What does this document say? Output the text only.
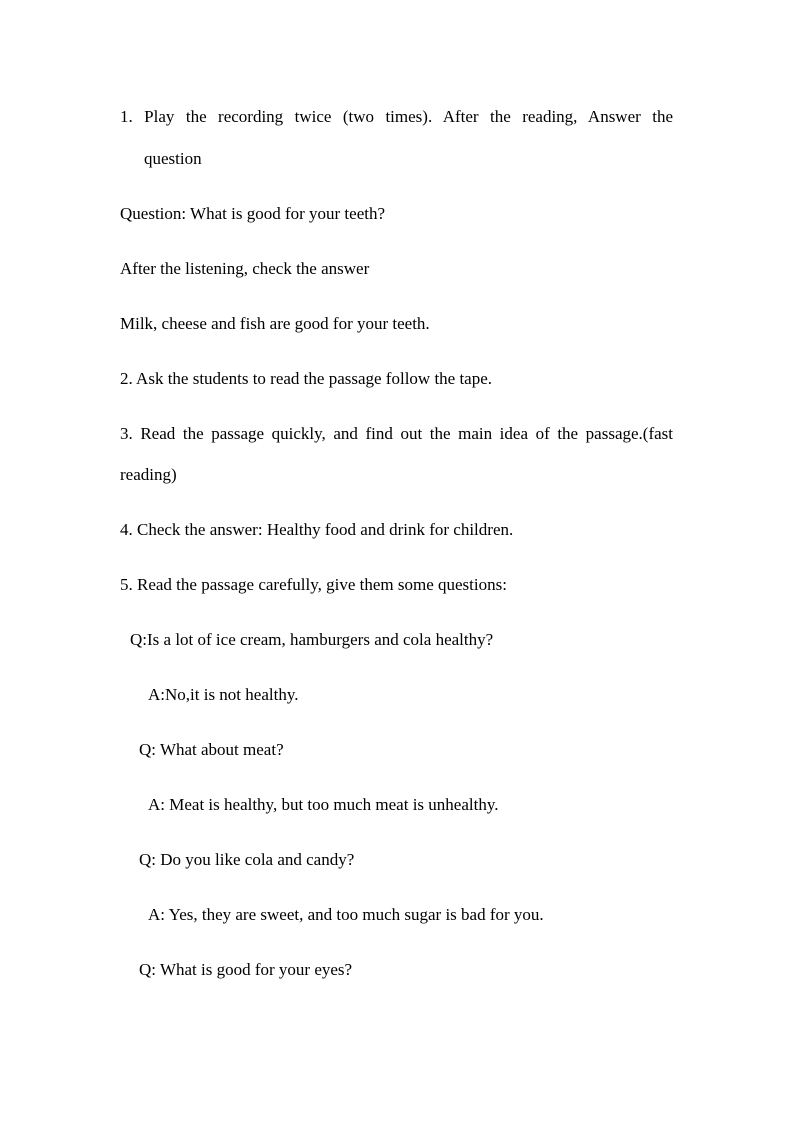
1. Play the recording twice (two times). After the reading, Answer the
question
Question: What is good for your teeth?
After the listening, check the answer
Milk, cheese and fish are good for your teeth.
2. Ask the students to read the passage follow the tape.
3. Read the passage quickly, and find out the main idea of the passage.(fast
reading)
4. Check the answer: Healthy food and drink for children.
5. Read the passage carefully, give them some questions:
Q:Is a lot of ice cream, hamburgers and cola healthy?
A:No,it is not healthy.
Q: What about meat?
A: Meat is healthy, but too much meat is unhealthy.
Q: Do you like cola and candy?
A: Yes, they are sweet, and too much sugar is bad for you.
Q: What is good for your eyes?
